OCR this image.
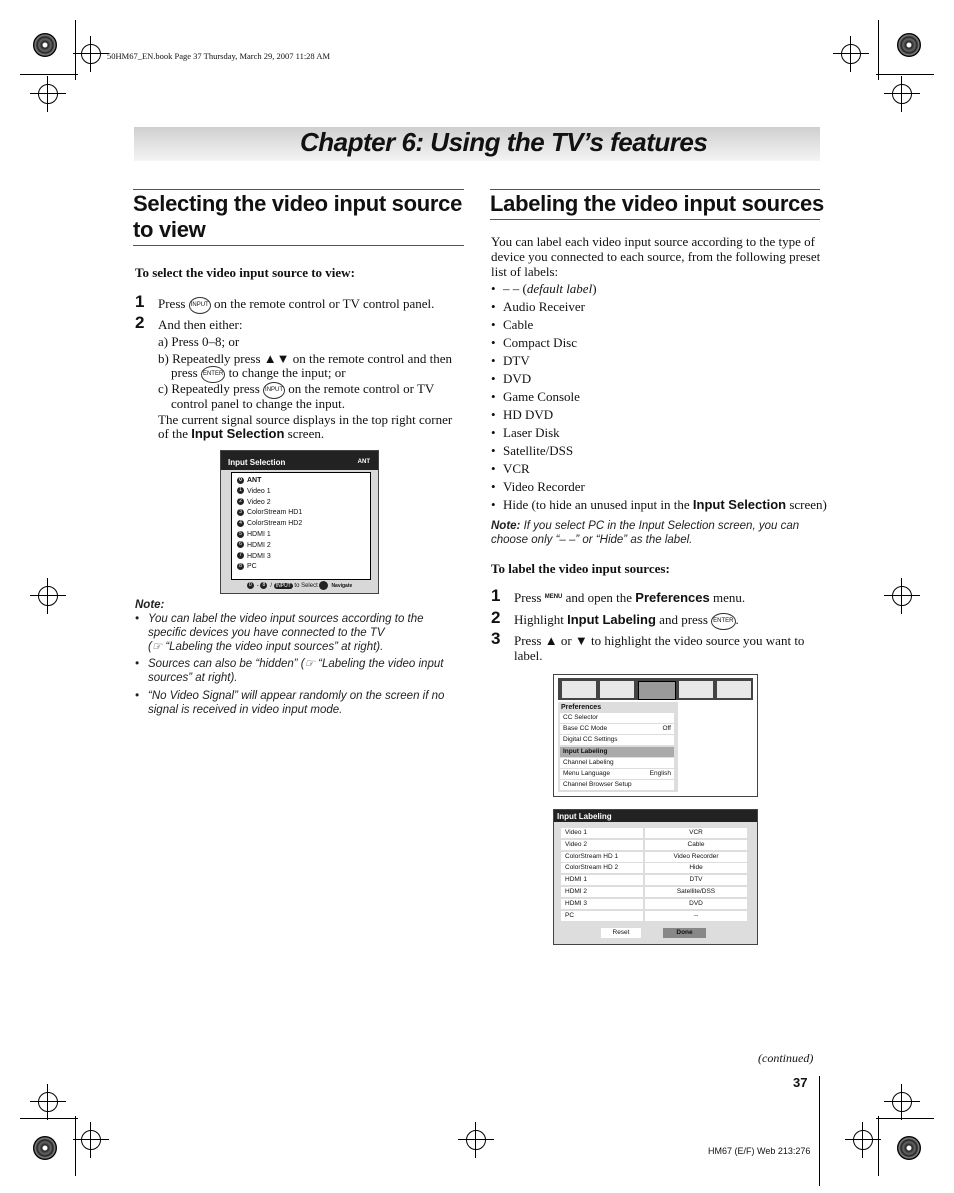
50HM67_EN.book Page 37 Thursday, March 29, 2007 11:28 AM
Chapter 6: Using the TV’s features
Selecting the video input source
to view
To select the video input source to view:
1 Press INPUT on the remote control or TV control panel.
2 And then either:
a) Press 0–8; or
b) Repeatedly press ▲▼ on the remote control and then
press ENTER to change the input; or
c) Repeatedly press INPUT on the remote control or TV
control panel to change the input.
The current signal source displays in the top right corner
of the Input Selection screen.
Input Selection	ANT
0 ANT
1 Video 1
2 Video 2
3 ColorStream HD1
4 ColorStream HD2
5 HDMI 1
6 HDMI 2
7 HDMI 3
8 PC
0 - 8 / INPUT to Select	Navigate
Note:
• You can label the video input sources according to the
specific devices you have connected to the TV
(☞ “Labeling the video input sources” at right).
• Sources can also be “hidden” (☞ “Labeling the video input
sources” at right).
• “No Video Signal” will appear randomly on the screen if no
signal is received in video input mode.
Labeling the video input sources
You can label each video input source according to the type of
device you connected to each source, from the following preset
list of labels:
• – – (default label)
• Audio Receiver
• Cable
• Compact Disc
• DTV
• DVD
• Game Console
• HD DVD
• Laser Disk
• Satellite/DSS
• VCR
• Video Recorder
• Hide (to hide an unused input in the Input Selection screen)
Note: If you select PC in the Input Selection screen, you can
choose only “– –” or “Hide” as the label.
To label the video input sources:
1 Press $^{MENU}$ and open the Preferences menu.
2 Highlight Input Labeling and press ENTER .
3 Press ▲ or ▼ to highlight the video source you want to
label.
Preferences
CC Selector
Base CC Mode	Off
Digital CC Settings
Input Labeling
Channel Labeling
Menu Language	English
Channel Browser Setup
Input Labeling
Video 1	VCR
Video 2	Cable
ColorStream HD 1	Video Recorder
ColorStream HD 2	Hide
HDMI 1	DTV
HDMI 2	Satellite/DSS
HDMI 3	DVD
PC	--
Reset	Done
(continued)
37
HM67 (E/F) Web 213:276
